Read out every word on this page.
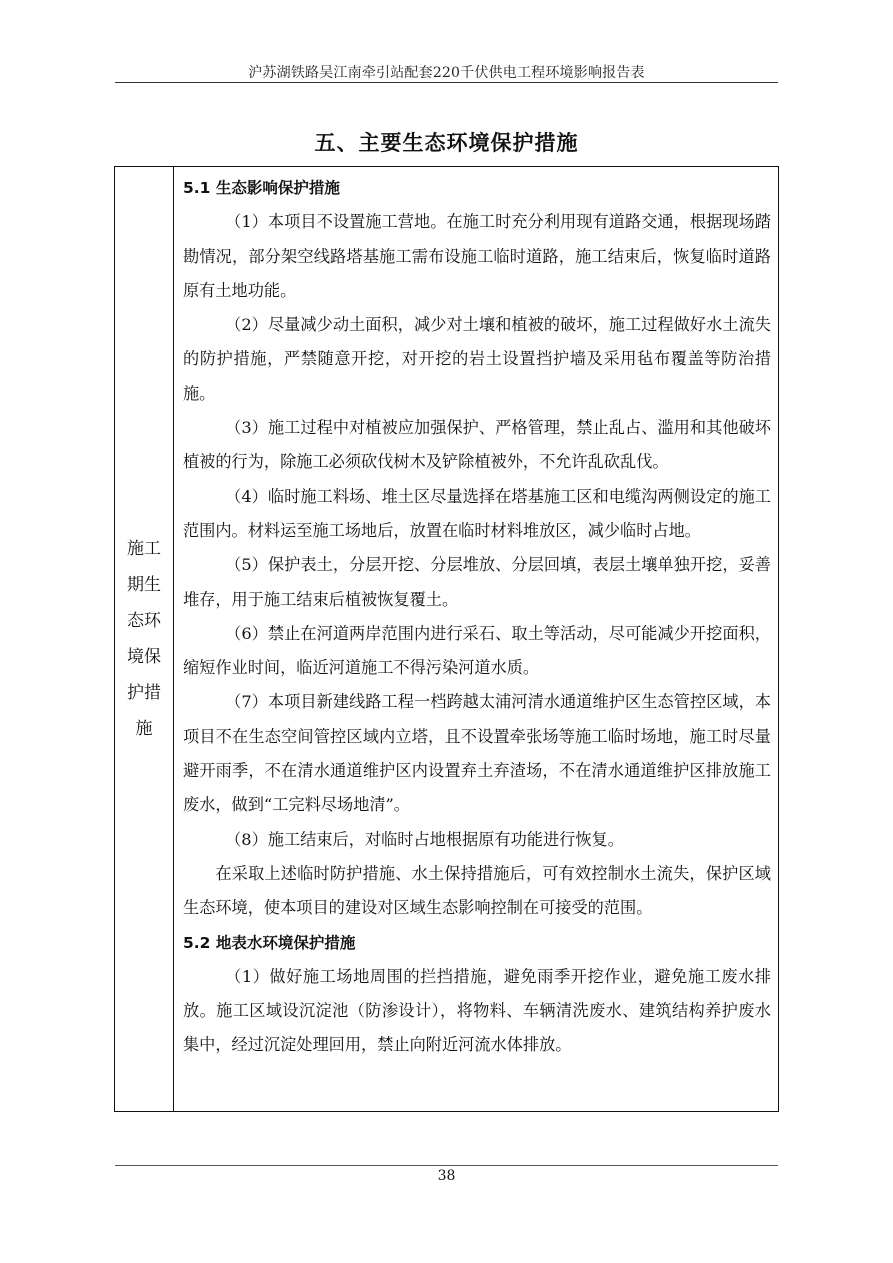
沪苏湖铁路吴江南牵引站配套220千伏供电工程环境影响报告表
五、主要生态环境保护措施
施工期生态环境保护措施
5.1 生态影响保护措施

（1）本项目不设置施工营地。在施工时充分利用现有道路交通，根据现场踏勘情况，部分架空线路塔基施工需布设施工临时道路，施工结束后，恢复临时道路原有土地功能。

（2）尽量减少动土面积，减少对土壤和植被的破坏，施工过程做好水土流失的防护措施，严禁随意开挖，对开挖的岩土设置挡护墙及采用毡布覆盖等防治措施。

（3）施工过程中对植被应加强保护、严格管理，禁止乱占、滥用和其他破坏植被的行为，除施工必须砍伐树木及铲除植被外，不允许乱砍乱伐。

（4）临时施工料场、堆土区尽量选择在塔基施工区和电缆沟两侧设定的施工范围内。材料运至施工场地后，放置在临时材料堆放区，减少临时占地。

（5）保护表土，分层开挖、分层堆放、分层回填，表层土壤单独开挖，妥善堆存，用于施工结束后植被恢复覆土。

（6）禁止在河道两岸范围内进行采石、取土等活动，尽可能减少开挖面积，缩短作业时间，临近河道施工不得污染河道水质。

（7）本项目新建线路工程一档跨越太浦河清水通道维护区生态管控区域，本项目不在生态空间管控区域内立塔，且不设置牵张场等施工临时场地，施工时尽量避开雨季，不在清水通道维护区内设置弃土弃渣场，不在清水通道维护区排放施工废水，做到“工完料尽场地清”。

（8）施工结束后，对临时占地根据原有功能进行恢复。

在采取上述临时防护措施、水土保持措施后，可有效控制水土流失，保护区域生态环境，使本项目的建设对区域生态影响控制在可接受的范围。

5.2 地表水环境保护措施

（1）做好施工场地周围的拦挡措施，避免雨季开挖作业，避免施工废水排放。施工区域设沉淀池（防渗设计），将物料、车辆清洗废水、建筑结构养护废水集中，经过沉淀处理回用，禁止向附近河流水体排放。

38
